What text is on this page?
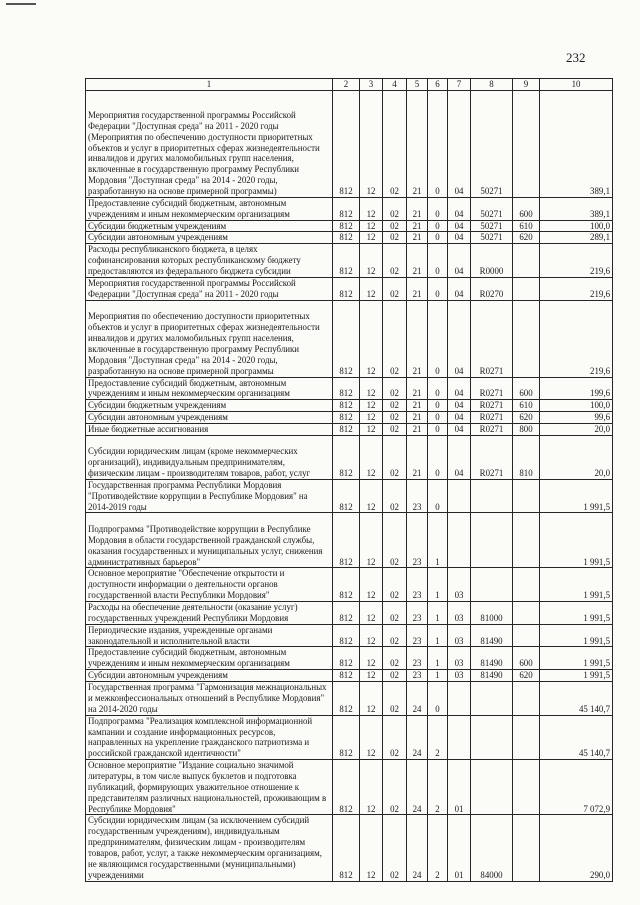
232
1	2	3	4	5	6	7	8	9	10
Мероприятия государственной программы Российской Федерации "Доступная среда" на 2011 - 2020 годы (Мероприятия по обеспечению доступности приоритетных объектов и услуг в приоритетных сферах жизнедеятельности инвалидов и других маломобильных групп населения, включенные в государственную программу Республики Мордовия "Доступная среда" на 2014 - 2020 годы, разработанную на основе примерной программы)	812	12	02	21	0	04	50271		389,1
Предоставление субсидий бюджетным, автономным учреждениям и иным некоммерческим организациям	812	12	02	21	0	04	50271	600	389,1
Субсидии бюджетным учреждениям	812	12	02	21	0	04	50271	610	100,0
Субсидии автономным учреждениям	812	12	02	21	0	04	50271	620	289,1
Расходы республиканского бюджета, в целях софинансирования которых республиканскому бюджету предоставляются из федерального бюджета субсидии	812	12	02	21	0	04	R0000		219,6
Мероприятия государственной программы Российской Федерации "Доступная среда" на 2011 - 2020 годы	812	12	02	21	0	04	R0270		219,6
Мероприятия по обеспечению доступности приоритетных объектов и услуг в приоритетных сферах жизнедеятельности инвалидов и других маломобильных групп населения, включенные в государственную программу Республики Мордовия "Доступная среда" на 2014 - 2020 годы, разработанную на основе примерной программы	812	12	02	21	0	04	R0271		219,6
Предоставление субсидий бюджетным, автономным учреждениям и иным некоммерческим организациям	812	12	02	21	0	04	R0271	600	199,6
Субсидии бюджетным учреждениям	812	12	02	21	0	04	R0271	610	100,0
Субсидии автономным учреждениям	812	12	02	21	0	04	R0271	620	99,6
Иные бюджетные ассигнования	812	12	02	21	0	04	R0271	800	20,0
Субсидии юридическим лицам (кроме некоммерческих организаций), индивидуальным предпринимателям, физическим лицам - производителям товаров, работ, услуг	812	12	02	21	0	04	R0271	810	20,0
Государственная программа Республики Мордовия "Противодействие коррупции в Республике Мордовия" на 2014-2019 годы	812	12	02	23	0				1 991,5
Подпрограмма "Противодействие коррупции в Республике Мордовия в области государственной гражданской службы, оказания государственных и муниципальных услуг, снижения административных барьеров"	812	12	02	23	1				1 991,5
Основное мероприятие "Обеспечение открытости и доступности информации о деятельности органов государственной власти Республики Мордовия"	812	12	02	23	1	03			1 991,5
Расходы на обеспечение деятельности (оказание услуг) государственных учреждений Республики Мордовия	812	12	02	23	1	03	81000		1 991,5
Периодические издания, учрежденные органами законодательной и исполнительной власти	812	12	02	23	1	03	81490		1 991,5
Предоставление субсидий бюджетным, автономным учреждениям и иным некоммерческим организациям	812	12	02	23	1	03	81490	600	1 991,5
Субсидии автономным учреждениям	812	12	02	23	1	03	81490	620	1 991,5
Государственная программа "Гармонизация межнациональных и межконфессиональных отношений в Республике Мордовия" на 2014-2020 годы	812	12	02	24	0				45 140,7
Подпрограмма "Реализация комплексной информационной кампании и создание информационных ресурсов, направленных на укрепление гражданского патриотизма и российской гражданской идентичности"	812	12	02	24	2				45 140,7
Основное мероприятие "Издание социально значимой литературы, в том числе выпуск буклетов и подготовка публикаций, формирующих уважительное отношение к представителям различных национальностей, проживающим в Республике Мордовия"	812	12	02	24	2	01			7 072,9
Субсидии юридическим лицам (за исключением субсидий государственным учреждениям), индивидуальным предпринимателям, физическим лицам - производителям товаров, работ, услуг, а также некоммерческим организациям, не являющимся государственными (муниципальными) учреждениями	812	12	02	24	2	01	84000		290,0
